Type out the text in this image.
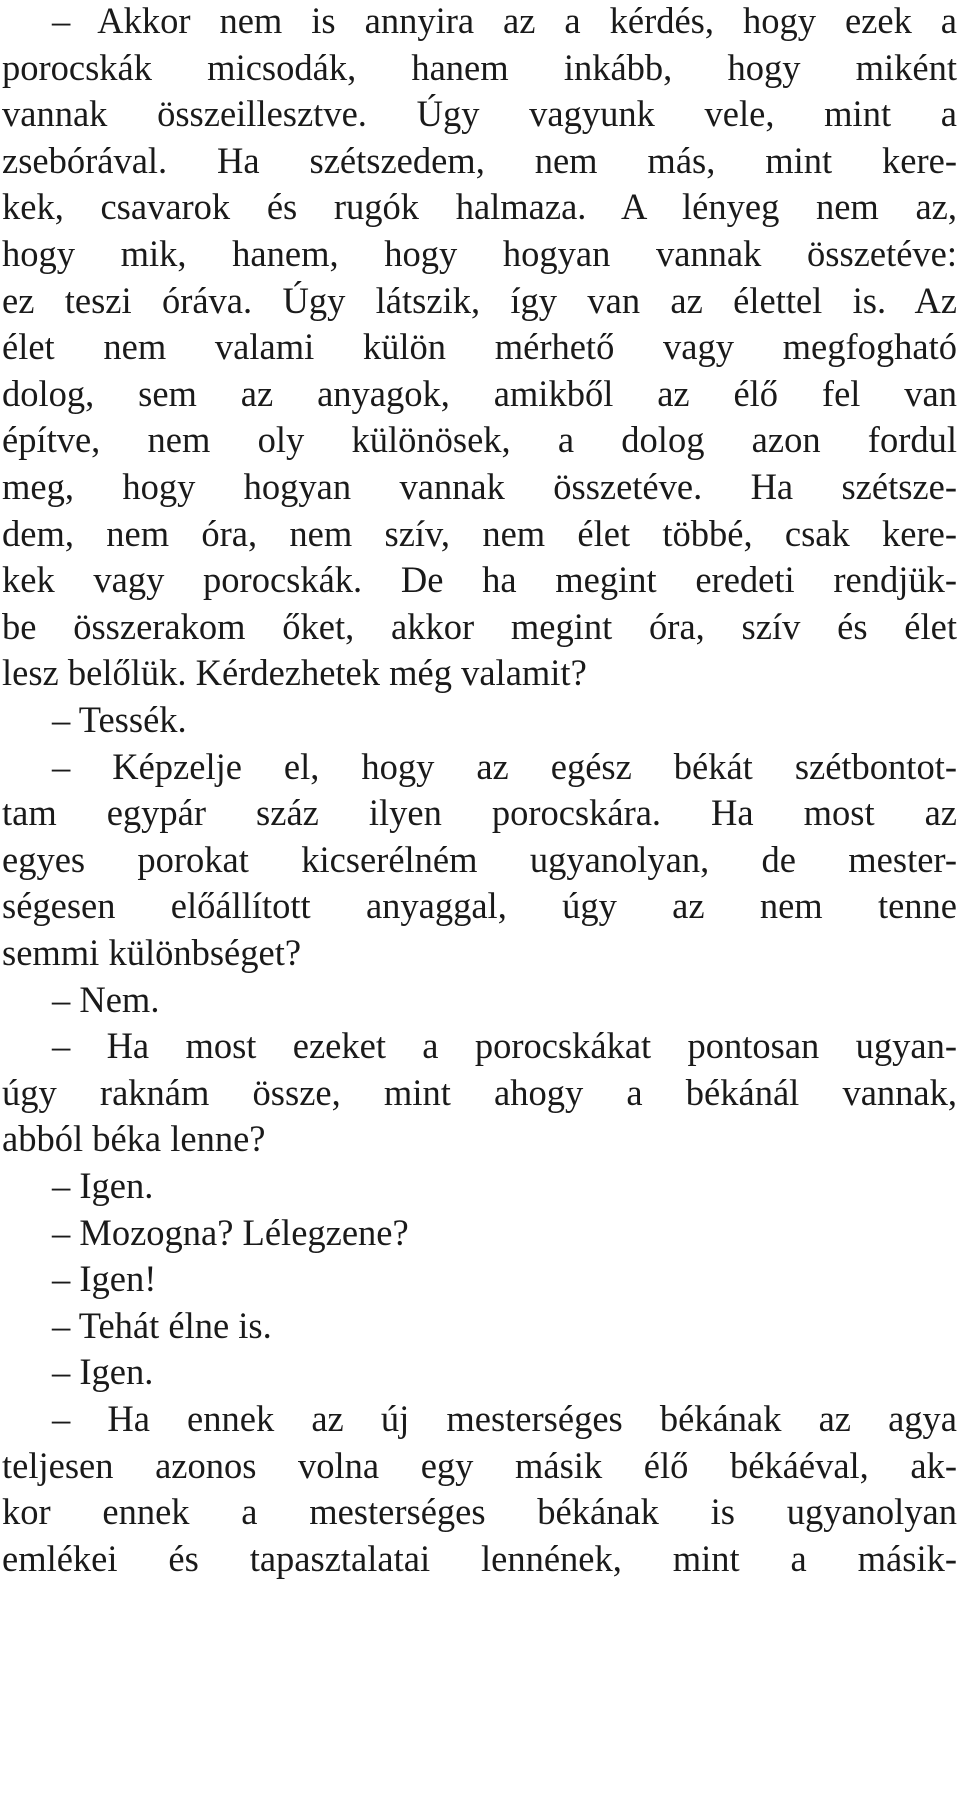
– Akkor nem is annyira az a kérdés, hogy ezek a
porocskák micsodák, hanem inkább, hogy miként
vannak összeillesztve. Úgy vagyunk vele, mint a
zsebórával. Ha szétszedem, nem más, mint kere-
kek, csavarok és rugók halmaza. A lényeg nem az,
hogy mik, hanem, hogy hogyan vannak összetéve:
ez teszi óráva. Úgy látszik, így van az élettel is. Az
élet nem valami külön mérhető vagy megfogható
dolog, sem az anyagok, amikből az élő fel van
építve, nem oly különösek, a dolog azon fordul
meg, hogy hogyan vannak összetéve. Ha szétsze-
dem, nem óra, nem szív, nem élet többé, csak kere-
kek vagy porocskák. De ha megint eredeti rendjük-
be összerakom őket, akkor megint óra, szív és élet
lesz belőlük. Kérdezhetek még valamit?
– Tessék.
– Képzelje el, hogy az egész békát szétbontot-
tam egypár száz ilyen porocskára. Ha most az
egyes porokat kicserélném ugyanolyan, de mester-
ségesen előállított anyaggal, úgy az nem tenne
semmi különbséget?
– Nem.
– Ha most ezeket a porocskákat pontosan ugyan-
úgy raknám össze, mint ahogy a békánál vannak,
abból béka lenne?
– Igen.
– Mozogna? Lélegzene?
– Igen!
– Tehát élne is.
– Igen.
– Ha ennek az új mesterséges békának az agya
teljesen azonos volna egy másik élő békáéval, ak-
kor ennek a mesterséges békának is ugyanolyan
emlékei és tapasztalatai lennének, mint a másik-
